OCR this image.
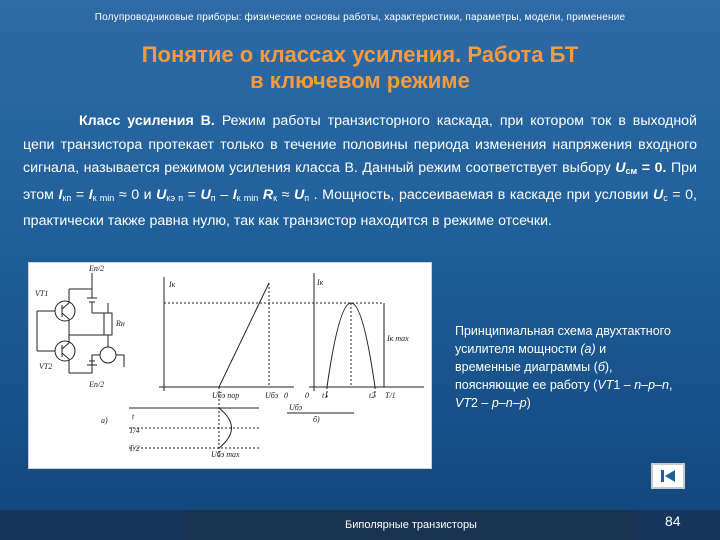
Полупроводниковые приборы: физические основы работы, характеристики, параметры, модели, применение
Понятие о классах усиления. Работа БТ
в ключевом режиме
Класс усиления В. Режим работы транзисторного каскада, при котором ток в выходной цепи транзистора протекает только в течение половины периода изменения напряжения входного сигнала, называется режимом усиления класса В. Данный режим соответствует выбору $U_{см} = 0$. При этом $I_{кп} = I_{к min} \approx 0$ и $U_{кэ п} = U_п - I_{к min}$ $R_к \approx U_п$ . Мощность, рассеиваемая в каскаде при условии $U_с = 0$, практически также равна нулю, так как транзистор находится в режиме отсечки.
Eп/2
VT1
VT2
Rн
Eп/2
Iк
Uбэ пор	Uбэ
а)	t
T/4
T/2
Uбэ max
Iк
Iк max
0 t1	t2 T/1
0
б)
Uбэ
Принципиальная схема двухтактного усилителя мощности (а) и временные диаграммы (б), поясняющие ее работу (VT1 – n–p–n,
VT2 – p–n–p)
Биполярные транзисторы	84
